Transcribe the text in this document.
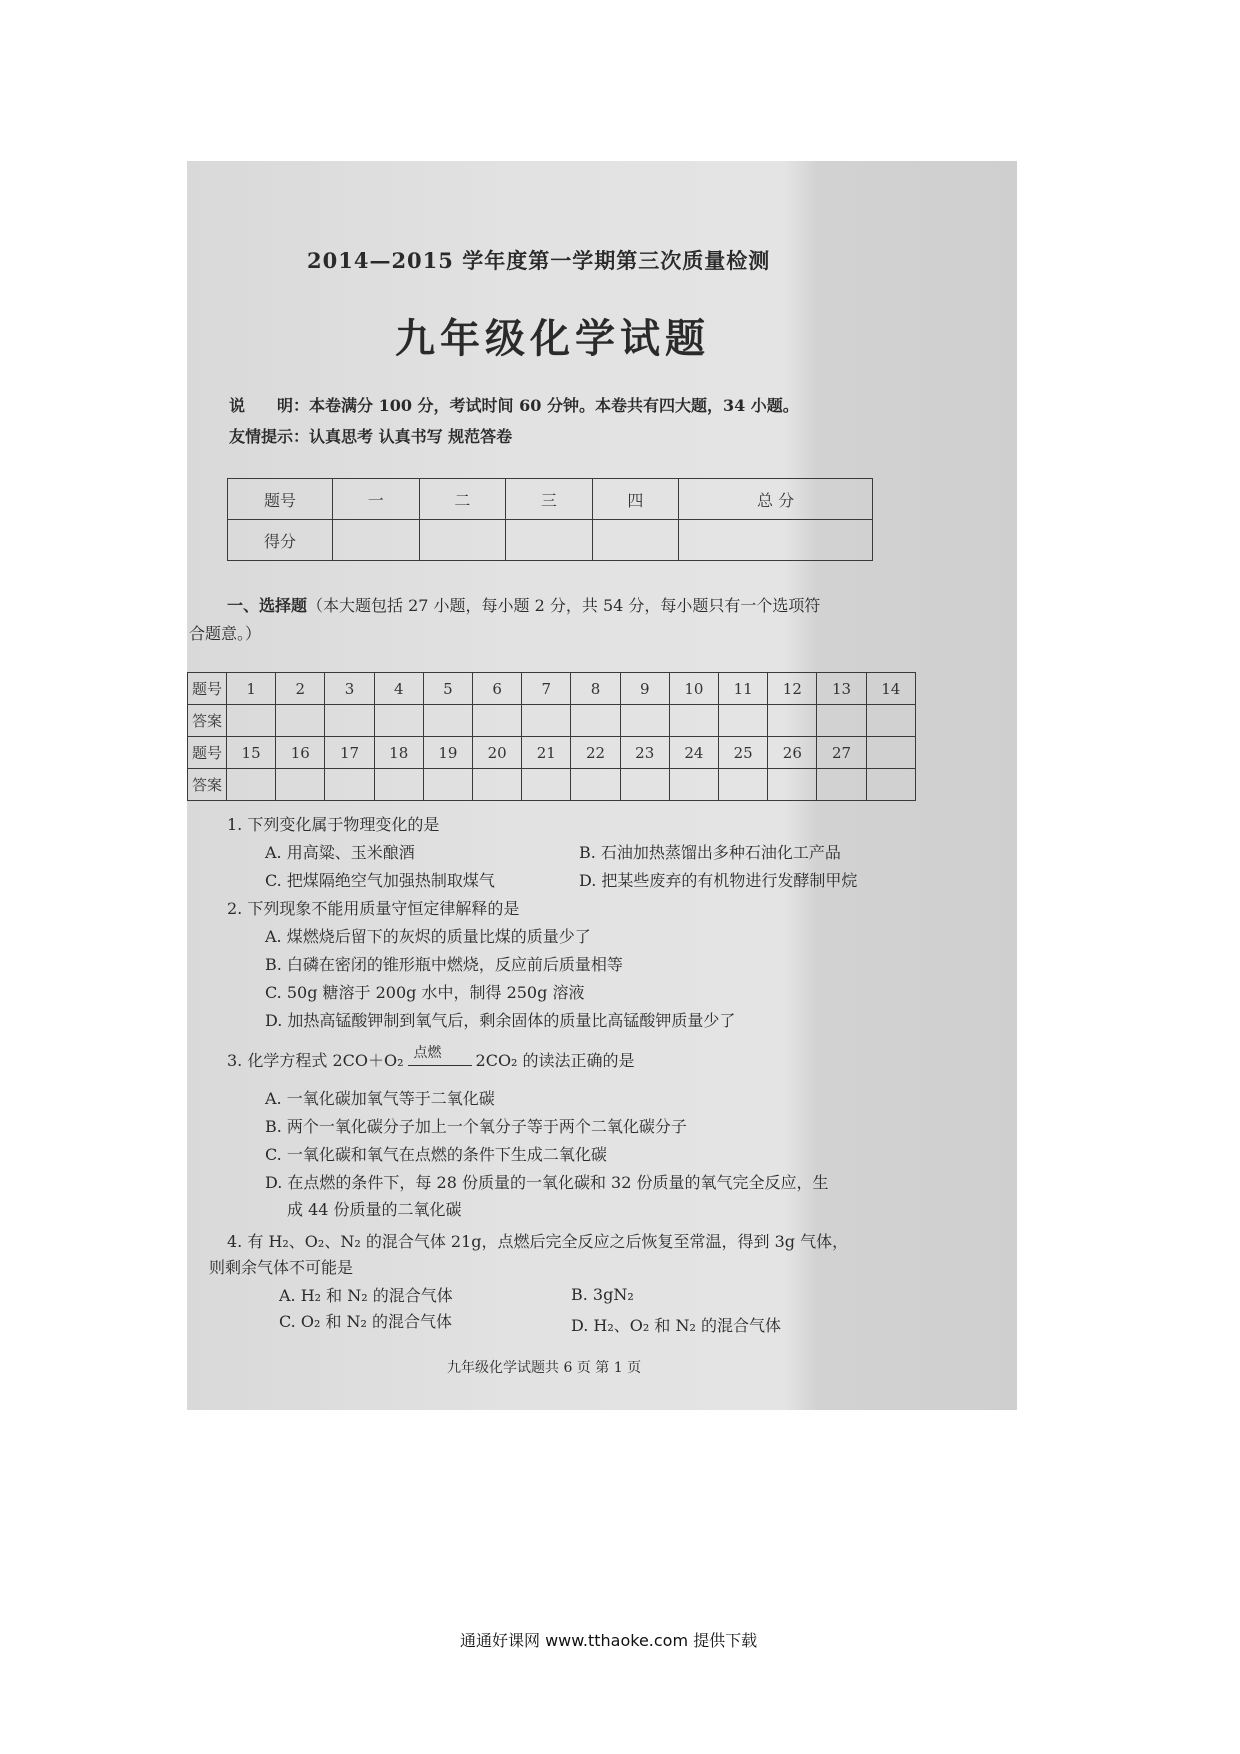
2014—2015 学年度第一学期第三次质量检测
九年级化学试题
说　　明：本卷满分 100 分，考试时间 60 分钟。本卷共有四大题，34 小题。
友情提示：认真思考 认真书写 规范答卷
题号	一	二	三	四	总 分
得分					
一、选择题（本大题包括 27 小题，每小题 2 分，共 54 分，每小题只有一个选项符
合题意。）
题号	1	2	3	4	5	6	7	8	9	10	11	12	13	14
答案														
题号	15	16	17	18	19	20	21	22	23	24	25	26	27	
答案														
1. 下列变化属于物理变化的是
A. 用高粱、玉米酿酒	B. 石油加热蒸馏出多种石油化工产品
C. 把煤隔绝空气加强热制取煤气	D. 把某些废弃的有机物进行发酵制甲烷
2. 下列现象不能用质量守恒定律解释的是
A. 煤燃烧后留下的灰烬的质量比煤的质量少了
B. 白磷在密闭的锥形瓶中燃烧，反应前后质量相等
C. 50g 糖溶于 200g 水中，制得 250g 溶液
D. 加热高锰酸钾制到氧气后，剩余固体的质量比高锰酸钾质量少了
3. 化学方程式 2CO＋O₂ 点燃 2CO₂ 的读法正确的是
A. 一氧化碳加氧气等于二氧化碳
B. 两个一氧化碳分子加上一个氧分子等于两个二氧化碳分子
C. 一氧化碳和氧气在点燃的条件下生成二氧化碳
D. 在点燃的条件下，每 28 份质量的一氧化碳和 32 份质量的氧气完全反应，生
成 44 份质量的二氧化碳
4. 有 H₂、O₂、N₂ 的混合气体 21g，点燃后完全反应之后恢复至常温，得到 3g 气体，
则剩余气体不可能是
A. H₂ 和 N₂ 的混合气体	B. 3gN₂
C. O₂ 和 N₂ 的混合气体	D. H₂、O₂ 和 N₂ 的混合气体
九年级化学试题共 6 页 第 1 页
通通好课网 www.tthaoke.com 提供下载
